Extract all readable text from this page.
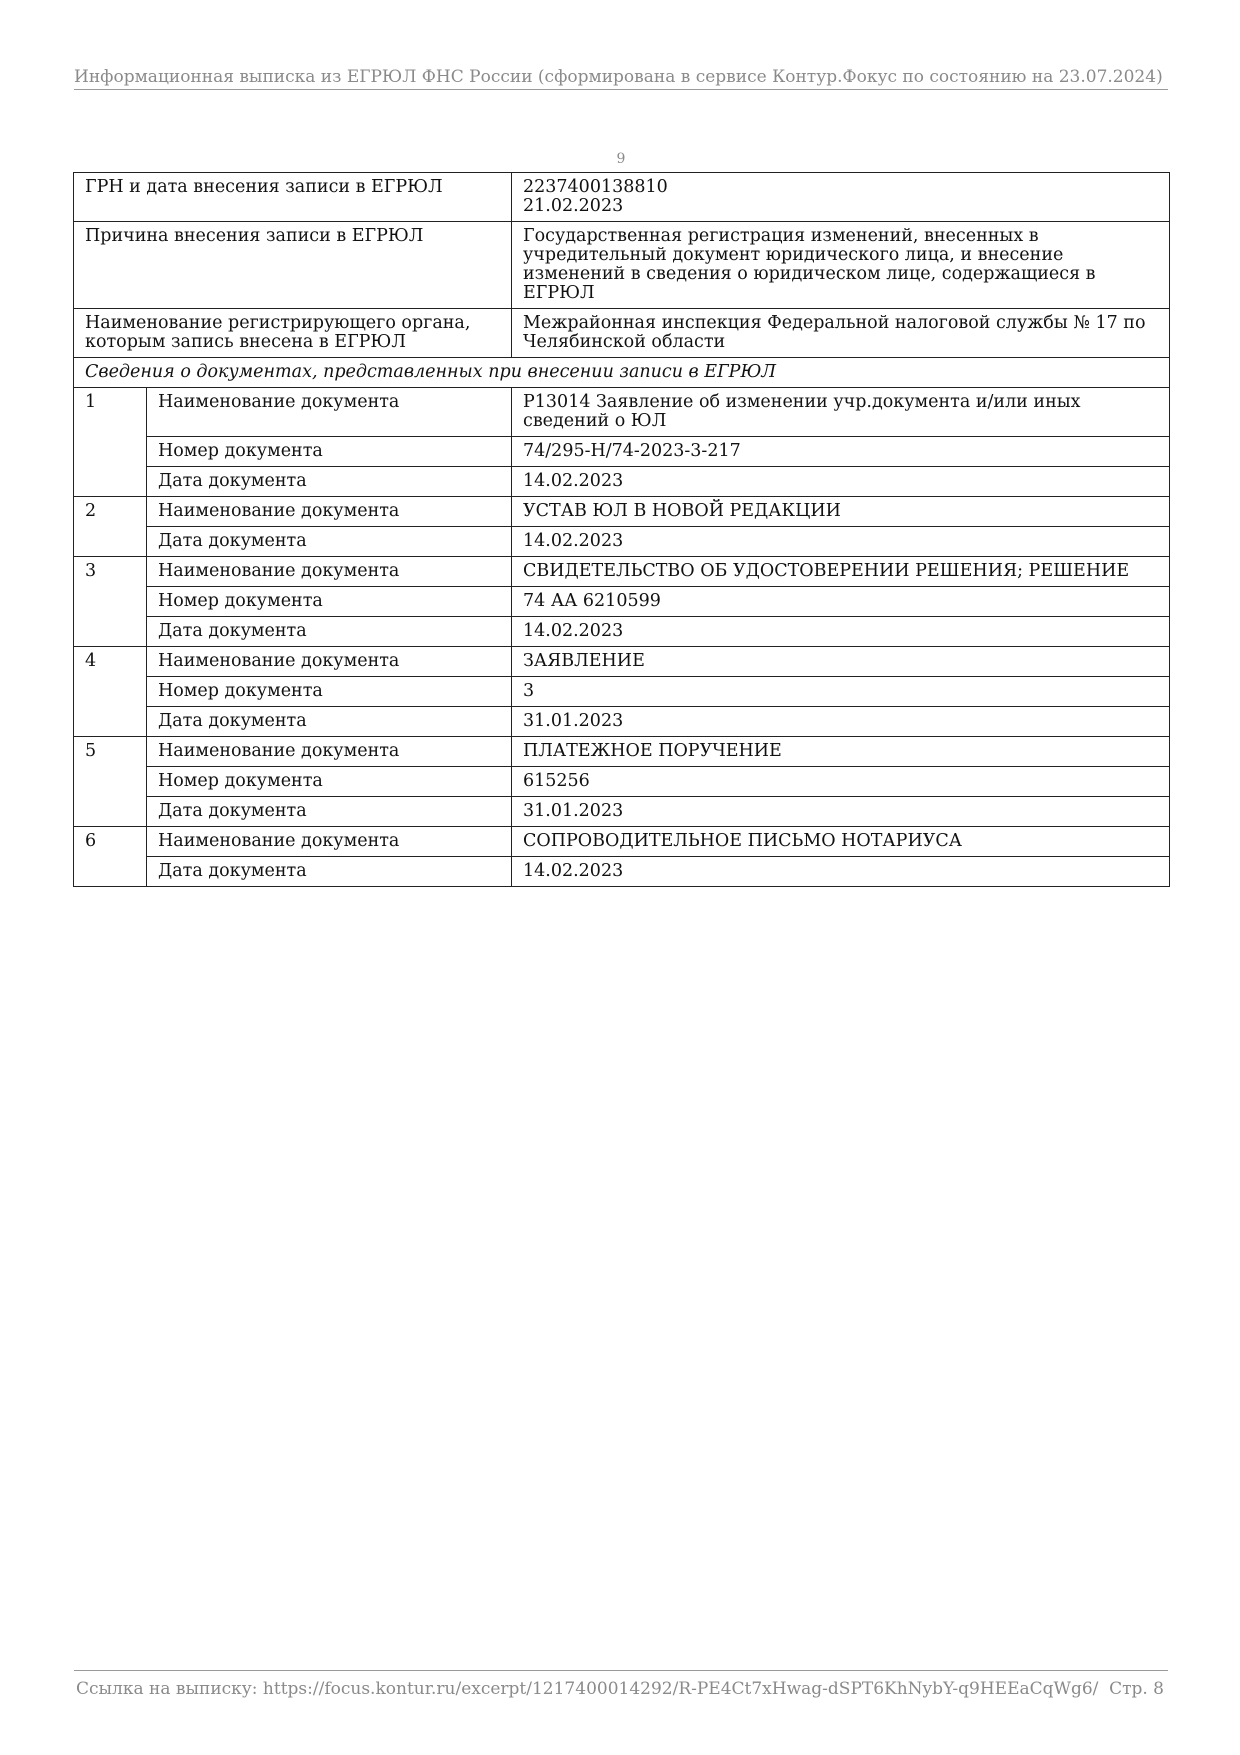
Информационная выписка из ЕГРЮЛ ФНС России (сформирована в сервисе Контур.Фокус по состоянию на 23.07.2024)
9
ГРН и дата внесения записи в ЕГРЮЛ		2237400138810
21.02.2023

Причина внесения записи в ЕГРЮЛ		Государственная регистрация изменений, внесенных в учредительный документ юридического лица, и внесение изменений в сведения о юридическом лице, содержащиеся в ЕГРЮЛ
Наименование регистрирующего органа, которым запись внесена в ЕГРЮЛ		Межрайонная инспекция Федеральной налоговой службы № 17 по Челябинской области
Сведения о документах, представленных при внесении записи в ЕГРЮЛ		
1	Наименование документа	Р13014 Заявление об изменении учр.документа и/или иных сведений о ЮЛ
	Номер документа	74/295-Н/74-2023-3-217
	Дата документа	14.02.2023
2	Наименование документа	УСТАВ ЮЛ В НОВОЙ РЕДАКЦИИ
	Дата документа	14.02.2023
3	Наименование документа	СВИДЕТЕЛЬСТВО ОБ УДОСТОВЕРЕНИИ РЕШЕНИЯ; РЕШЕНИЕ
	Номер документа	74 АА 6210599
	Дата документа	14.02.2023
4	Наименование документа	ЗАЯВЛЕНИЕ
	Номер документа	3
	Дата документа	31.01.2023
5	Наименование документа	ПЛАТЕЖНОЕ ПОРУЧЕНИЕ
	Номер документа	615256
	Дата документа	31.01.2023
6	Наименование документа	СОПРОВОДИТЕЛЬНОЕ ПИСЬМО НОТАРИУСА
	Дата документа	14.02.2023
Ссылка на выписку: https://focus.kontur.ru/excerpt/1217400014292/R-PE4Ct7xHwag-dSPT6KhNybY-q9HEEaCqWg6/ Стр. 8
